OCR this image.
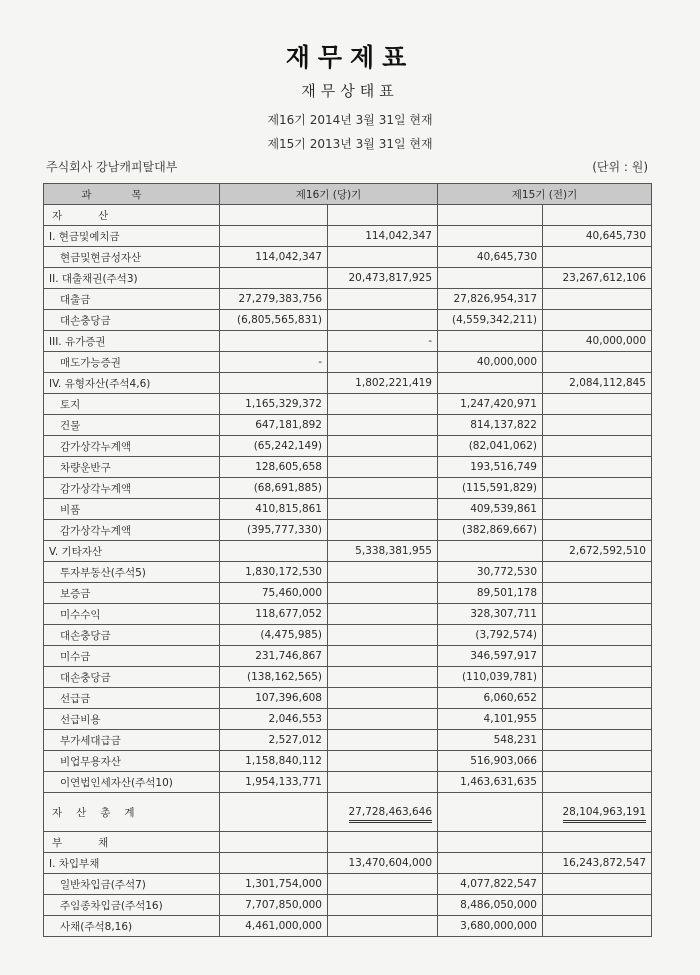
재무제표
재무상태표
제16기 2014년 3월 31일 현재
제15기 2013년 3월 31일 현재
주식회사 강남캐피탈대부	(단위 : 원)
과목	제16기 (당)기		제15기 (전)기	
자산				
I. 현금및예치금		114,042,347		40,645,730
현금및현금성자산	114,042,347		40,645,730	
II. 대출채권(주석3)		20,473,817,925		23,267,612,106
대출금	27,279,383,756		27,826,954,317	
대손충당금	(6,805,565,831)		(4,559,342,211)	
III. 유가증권		-		40,000,000
매도가능증권	-		40,000,000	
IV. 유형자산(주석4,6)		1,802,221,419		2,084,112,845
토지	1,165,329,372		1,247,420,971	
건물	647,181,892		814,137,822	
감가상각누계액	(65,242,149)		(82,041,062)	
차량운반구	128,605,658		193,516,749	
감가상각누계액	(68,691,885)		(115,591,829)	
비품	410,815,861		409,539,861	
감가상각누계액	(395,777,330)		(382,869,667)	
V. 기타자산		5,338,381,955		2,672,592,510
투자부동산(주석5)	1,830,172,530		30,772,530	
보증금	75,460,000		89,501,178	
미수수익	118,677,052		328,307,711	
대손충당금	(4,475,985)		(3,792,574)	
미수금	231,746,867		346,597,917	
대손충당금	(138,162,565)		(110,039,781)	
선급금	107,396,608		6,060,652	
선급비용	2,046,553		4,101,955	
부가세대급금	2,527,012		548,231	
비업무용자산	1,158,840,112		516,903,066	
이연법인세자산(주석10)	1,954,133,771		1,463,631,635	
자산총계		27,728,463,646		28,104,963,191
부채				
I. 차입부채		13,470,604,000		16,243,872,547
일반차입금(주석7)	1,301,754,000		4,077,822,547	
주임종차입금(주석16)	7,707,850,000		8,486,050,000	
사채(주석8,16)	4,461,000,000		3,680,000,000	
